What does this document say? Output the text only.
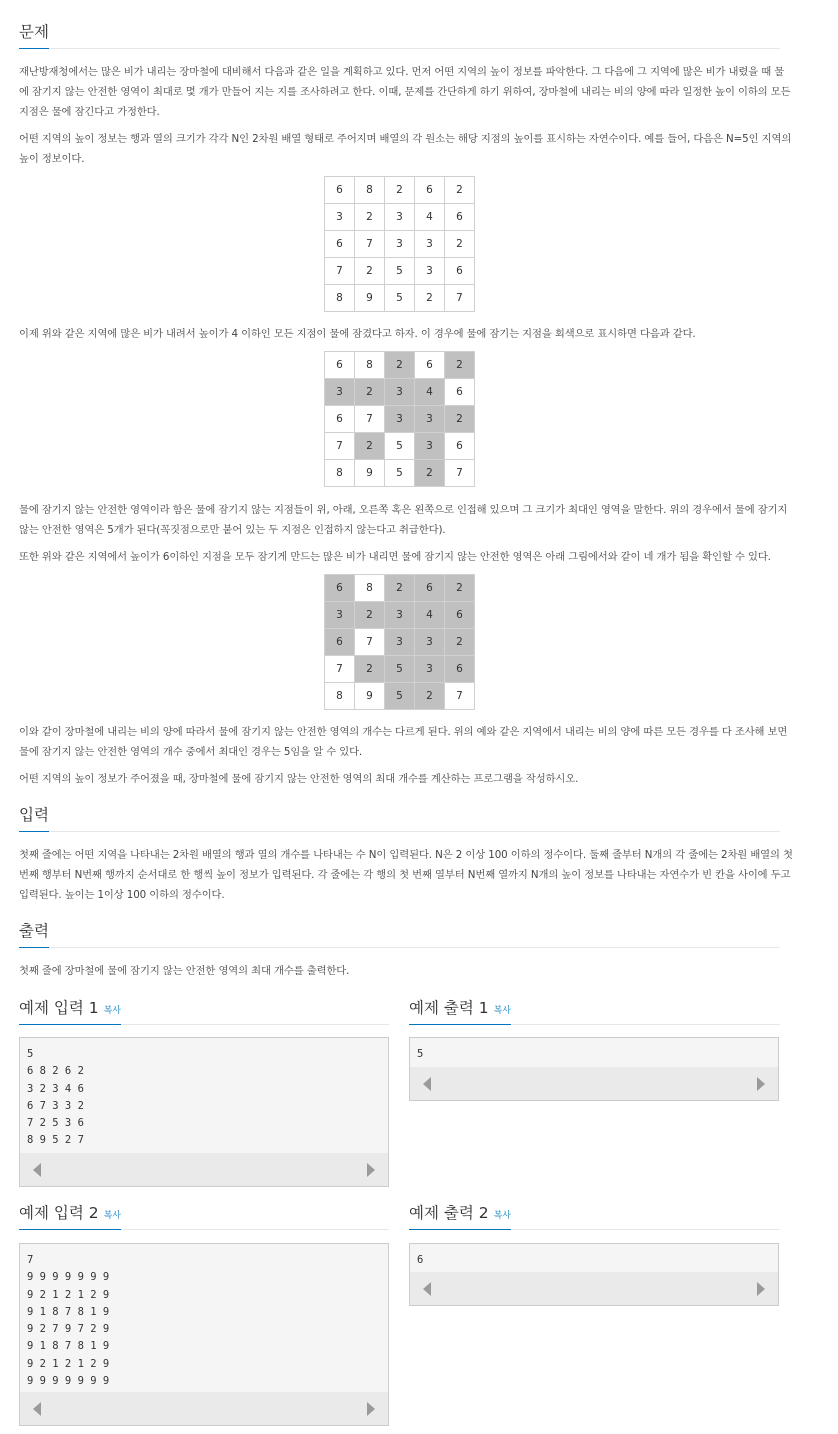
문제

재난방재청에서는 많은 비가 내리는 장마철에 대비해서 다음과 같은 일을 계획하고 있다. 먼저 어떤 지역의 높이 정보를 파악한다. 그 다음에 그 지역에 많은 비가 내렸을 때 물

에 잠기지 않는 안전한 영역이 최대로 몇 개가 만들어 지는 지를 조사하려고 한다. 이때, 문제를 간단하게 하기 위하여, 장마철에 내리는 비의 양에 따라 일정한 높이 이하의 모든

지점은 물에 잠긴다고 가정한다.

어떤 지역의 높이 정보는 행과 열의 크기가 각각 N인 2차원 배열 형태로 주어지며 배열의 각 원소는 해당 지점의 높이를 표시하는 자연수이다. 예를 들어, 다음은 N=5인 지역의

높이 정보이다.

6	8	2	6	2
3	2	3	4	6
6	7	3	3	2
7	2	5	3	6
8	9	5	2	7

이제 위와 같은 지역에 많은 비가 내려서 높이가 4 이하인 모든 지점이 물에 잠겼다고 하자. 이 경우에 물에 잠기는 지점을 회색으로 표시하면 다음과 같다.

6	8	2	6	2
3	2	3	4	6
6	7	3	3	2
7	2	5	3	6
8	9	5	2	7

물에 잠기지 않는 안전한 영역이라 함은 물에 잠기지 않는 지점들이 위, 아래, 오른쪽 혹은 왼쪽으로 인접해 있으며 그 크기가 최대인 영역을 말한다. 위의 경우에서 물에 잠기지

않는 안전한 영역은 5개가 된다(꼭짓점으로만 붙어 있는 두 지점은 인접하지 않는다고 취급한다).

또한 위와 같은 지역에서 높이가 6이하인 지점을 모두 잠기게 만드는 많은 비가 내리면 물에 잠기지 않는 안전한 영역은 아래 그림에서와 같이 네 개가 됨을 확인할 수 있다.

6	8	2	6	2
3	2	3	4	6
6	7	3	3	2
7	2	5	3	6
8	9	5	2	7

이와 같이 장마철에 내리는 비의 양에 따라서 물에 잠기지 않는 안전한 영역의 개수는 다르게 된다. 위의 예와 같은 지역에서 내리는 비의 양에 따른 모든 경우를 다 조사해 보면

물에 잠기지 않는 안전한 영역의 개수 중에서 최대인 경우는 5임을 알 수 있다.

어떤 지역의 높이 정보가 주어졌을 때, 장마철에 물에 잠기지 않는 안전한 영역의 최대 개수를 계산하는 프로그램을 작성하시오.

입력

첫째 줄에는 어떤 지역을 나타내는 2차원 배열의 행과 열의 개수를 나타내는 수 N이 입력된다. N은 2 이상 100 이하의 정수이다. 둘째 줄부터 N개의 각 줄에는 2차원 배열의 첫

번째 행부터 N번째 행까지 순서대로 한 행씩 높이 정보가 입력된다. 각 줄에는 각 행의 첫 번째 열부터 N번째 열까지 N개의 높이 정보를 나타내는 자연수가 빈 칸을 사이에 두고

입력된다. 높이는 1이상 100 이하의 정수이다.

출력

첫째 줄에 장마철에 물에 잠기지 않는 안전한 영역의 최대 개수를 출력한다.

예제 입력 1 복사
5
6 8 2 6 2
3 2 3 4 6
6 7 3 3 2
7 2 5 3 6
8 9 5 2 7
예제 출력 1 복사
5
예제 입력 2 복사
7
9 9 9 9 9 9 9
9 2 1 2 1 2 9
9 1 8 7 8 1 9
9 2 7 9 7 2 9
9 1 8 7 8 1 9
9 2 1 2 1 2 9
9 9 9 9 9 9 9
예제 출력 2 복사
6
